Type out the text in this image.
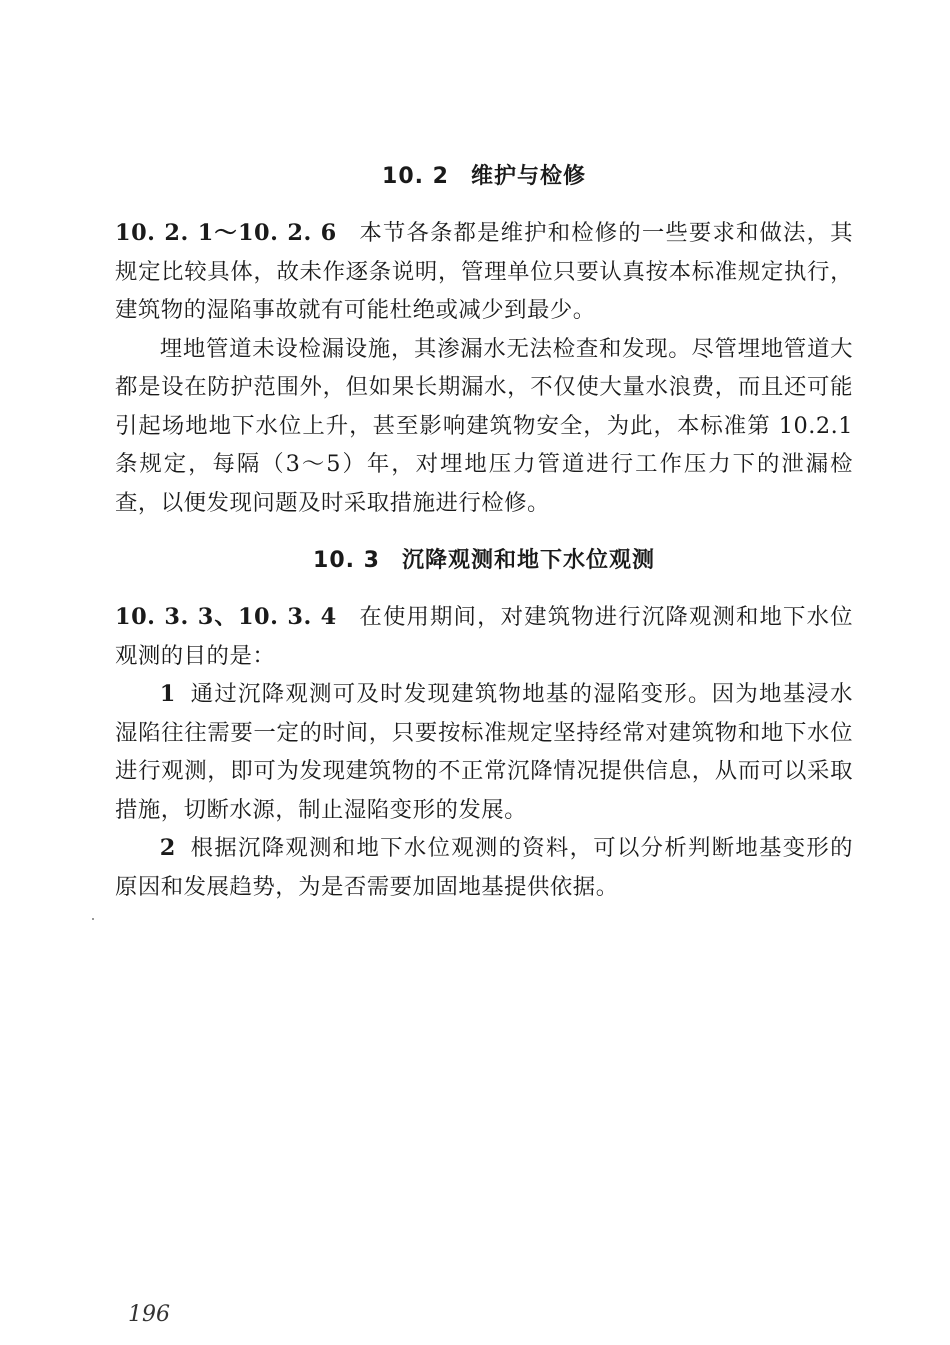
10. 2 维护与检修

10. 2. 1～10. 2. 6 本节各条都是维护和检修的一些要求和做法，其规定比较具体，故未作逐条说明，管理单位只要认真按本标准规定执行，建筑物的湿陷事故就有可能杜绝或减少到最少。

埋地管道未设检漏设施，其渗漏水无法检查和发现。尽管埋地管道大都是设在防护范围外，但如果长期漏水，不仅使大量水浪费，而且还可能引起场地地下水位上升，甚至影响建筑物安全，为此，本标准第 10.2.1 条规定，每隔（3～5）年，对埋地压力管道进行工作压力下的泄漏检查，以便发现问题及时采取措施进行检修。

10. 3 沉降观测和地下水位观测

10. 3. 3、10. 3. 4 在使用期间，对建筑物进行沉降观测和地下水位观测的目的是：

1 通过沉降观测可及时发现建筑物地基的湿陷变形。因为地基浸水湿陷往往需要一定的时间，只要按标准规定坚持经常对建筑物和地下水位进行观测，即可为发现建筑物的不正常沉降情况提供信息，从而可以采取措施，切断水源，制止湿陷变形的发展。

2 根据沉降观测和地下水位观测的资料，可以分析判断地基变形的原因和发展趋势，为是否需要加固地基提供依据。

196
